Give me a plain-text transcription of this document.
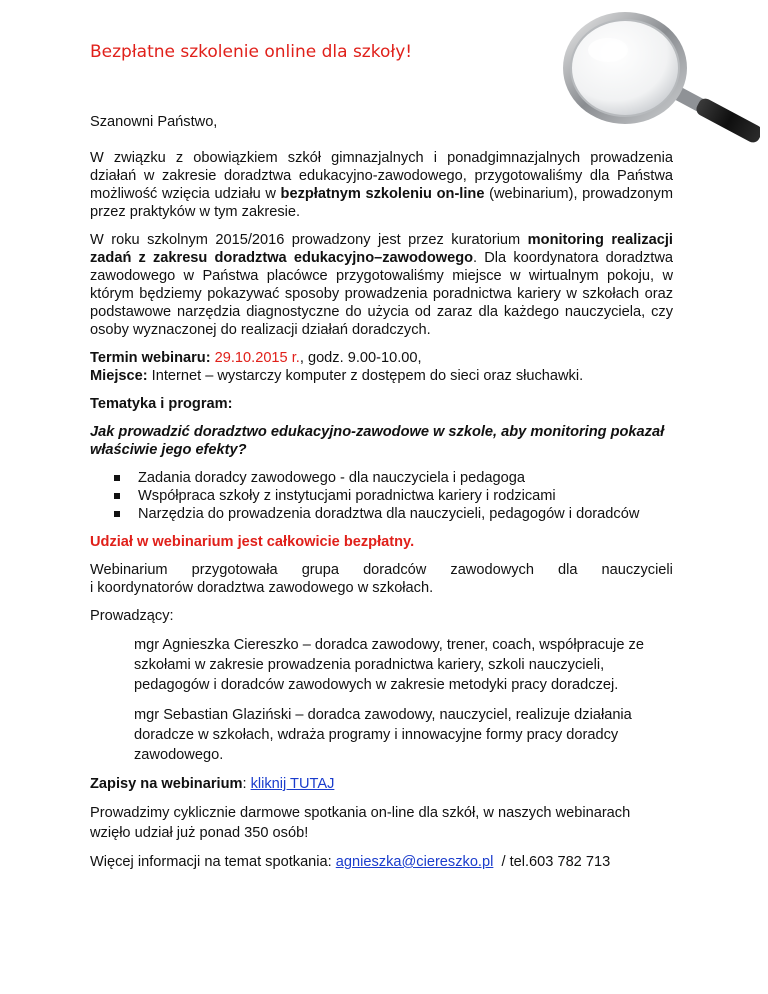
Bezpłatne szkolenie online dla szkoły!

Szanowni Państwo,

W związku z obowiązkiem szkół gimnazjalnych i ponadgimnazjalnych prowadzenia działań w zakresie doradztwa edukacyjno-zawodowego, przygotowaliśmy dla Państwa możliwość wzięcia udziału w bezpłatnym szkoleniu on-line (webinarium), prowadzonym przez praktyków w tym zakresie.

W roku szkolnym 2015/2016 prowadzony jest przez kuratorium monitoring realizacji zadań z zakresu doradztwa edukacyjno–zawodowego. Dla koordynatora doradztwa zawodowego w Państwa placówce przygotowaliśmy miejsce w wirtualnym pokoju, w którym będziemy pokazywać sposoby prowadzenia poradnictwa kariery w szkołach oraz podstawowe narzędzia diagnostyczne do użycia od zaraz dla każdego nauczyciela, czy osoby wyznaczonej do realizacji działań doradczych.

Termin webinaru: 29.10.2015 r., godz. 9.00-10.00,

Miejsce: Internet – wystarczy komputer z dostępem do sieci oraz słuchawki.

Tematyka i program:

Jak prowadzić doradztwo edukacyjno-zawodowe w szkole, aby monitoring pokazał właściwie jego efekty?

Zadania doradcy zawodowego - dla nauczyciela i pedagoga
Współpraca szkoły z instytucjami poradnictwa kariery i rodzicami
Narzędzia do prowadzenia doradztwa dla nauczycieli, pedagogów i doradców

Udział w webinarium jest całkowicie bezpłatny.

Webinarium przygotowała grupa doradców zawodowych dla nauczycieli

i koordynatorów doradztwa zawodowego w szkołach.

Prowadzący:

mgr Agnieszka Ciereszko – doradca zawodowy, trener, coach, współpracuje ze szkołami w zakresie prowadzenia poradnictwa kariery, szkoli nauczycieli, pedagogów i doradców zawodowych w zakresie metodyki pracy doradczej.

mgr Sebastian Glaziński – doradca zawodowy, nauczyciel, realizuje działania doradcze w szkołach, wdraża programy i innowacyjne formy pracy doradcy zawodowego.

Zapisy na webinarium: kliknij TUTAJ

Prowadzimy cyklicznie darmowe spotkania on-line dla szkół, w naszych webinarach wzięło udział już ponad 350 osób!

Więcej informacji na temat spotkania: agnieszka@ciereszko.pl  / tel.603 782 713
